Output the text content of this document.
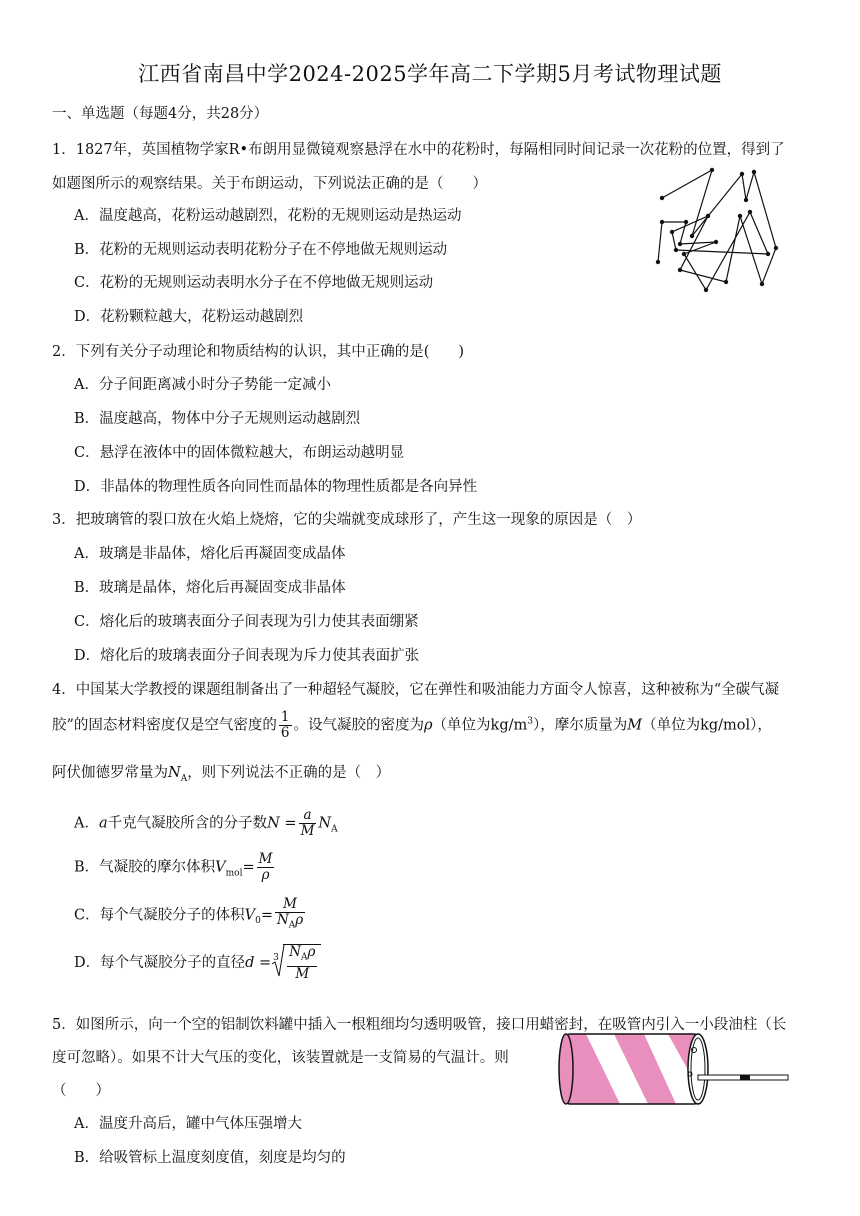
江西省南昌中学2024-2025学年高二下学期5月考试物理试题
一、单选题（每题4分，共28分）
1．1827年，英国植物学家R•布朗用显微镜观察悬浮在水中的花粉时，每隔相同时间记录一次花粉的位置，得到了
如题图所示的观察结果。关于布朗运动，下列说法正确的是（　　）
A．温度越高，花粉运动越剧烈，花粉的无规则运动是热运动
B．花粉的无规则运动表明花粉分子在不停地做无规则运动
C．花粉的无规则运动表明水分子在不停地做无规则运动
D．花粉颗粒越大，花粉运动越剧烈
2．下列有关分子动理论和物质结构的认识，其中正确的是(　　)
A．分子间距离减小时分子势能一定减小
B．温度越高，物体中分子无规则运动越剧烈
C．悬浮在液体中的固体微粒越大，布朗运动越明显
D．非晶体的物理性质各向同性而晶体的物理性质都是各向异性
3．把玻璃管的裂口放在火焰上烧熔，它的尖端就变成球形了，产生这一现象的原因是（　）
A．玻璃是非晶体，熔化后再凝固变成晶体
B．玻璃是晶体，熔化后再凝固变成非晶体
C．熔化后的玻璃表面分子间表现为引力使其表面绷紧
D．熔化后的玻璃表面分子间表现为斥力使其表面扩张
4．中国某大学教授的课题组制备出了一种超轻气凝胶，它在弹性和吸油能力方面令人惊喜，这种被称为“全碳气凝
胶”的固态材料密度仅是空气密度的 $\frac{1}{6}$ 。设气凝胶的密度为ρ（单位为$kg/m^3$），摩尔质量为M（单位为kg/mol），
阿伏伽德罗常量为$N_A$，则下列说法不正确的是（　）
A．a千克气凝胶所含的分子数$N = \frac{a}{M} N_A$
B．气凝胶的摩尔体积$V_{mol}= \frac{M}{\rho}$
C．每个气凝胶分子的体积$V_0= \frac{M}{N_A\rho}$
D．每个气凝胶分子的直径$d = 3 \frac{N_A\rho}{M}$
5．如图所示，向一个空的铝制饮料罐中插入一根粗细均匀透明吸管，接口用蜡密封，在吸管内引入一小段油柱（长
度可忽略）。如果不计大气压的变化，该装置就是一支简易的气温计。则
（　　）
A．温度升高后，罐中气体压强增大
B．给吸管标上温度刻度值，刻度是均匀的
